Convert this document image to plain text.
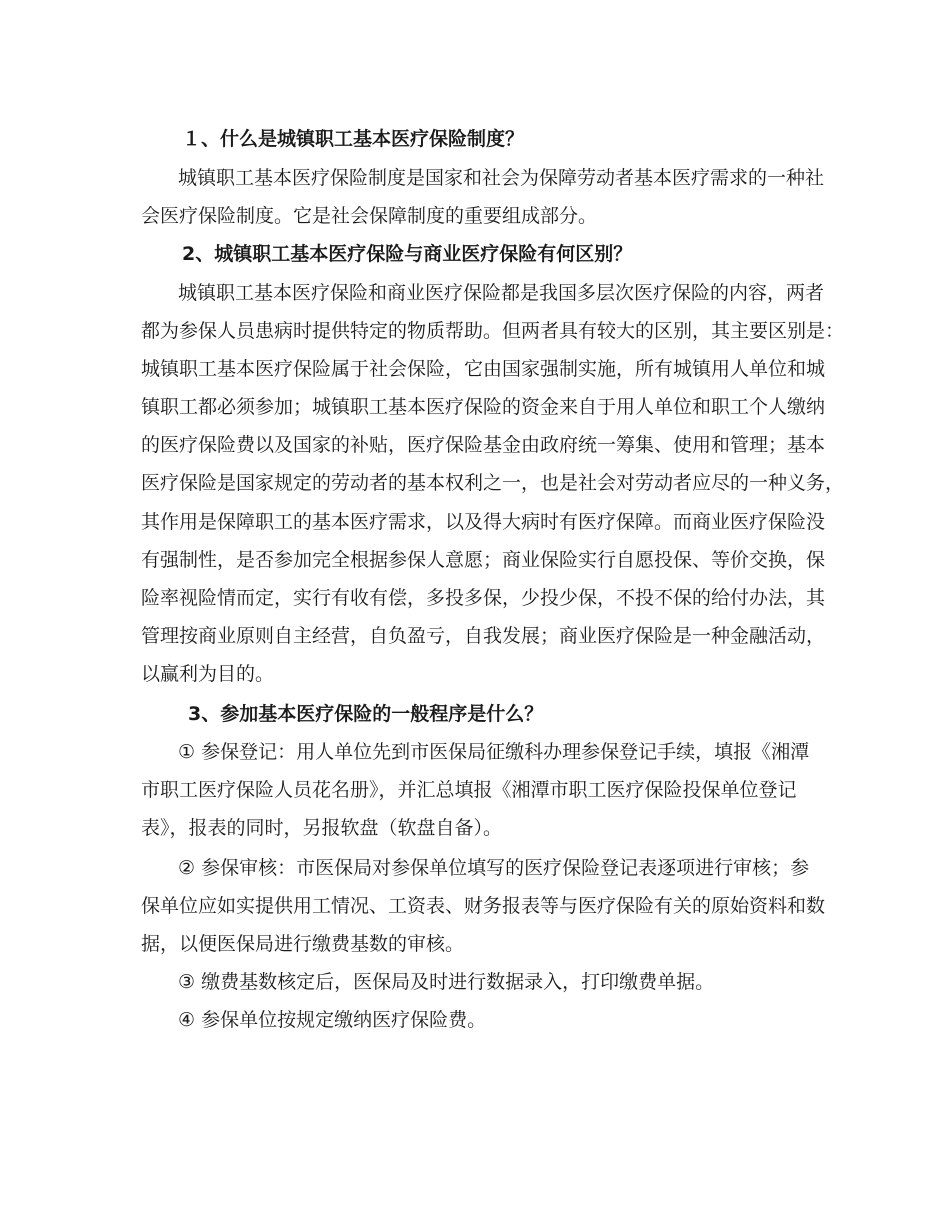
１、什么是城镇职工基本医疗保险制度？
城镇职工基本医疗保险制度是国家和社会为保障劳动者基本医疗需求的一种社
会医疗保险制度。它是社会保障制度的重要组成部分。
2、城镇职工基本医疗保险与商业医疗保险有何区别？
城镇职工基本医疗保险和商业医疗保险都是我国多层次医疗保险的内容，两者
都为参保人员患病时提供特定的物质帮助。但两者具有较大的区别，其主要区别是：
城镇职工基本医疗保险属于社会保险，它由国家强制实施，所有城镇用人单位和城
镇职工都必须参加；城镇职工基本医疗保险的资金来自于用人单位和职工个人缴纳
的医疗保险费以及国家的补贴，医疗保险基金由政府统一筹集、使用和管理；基本
医疗保险是国家规定的劳动者的基本权利之一，也是社会对劳动者应尽的一种义务，
其作用是保障职工的基本医疗需求，以及得大病时有医疗保障。而商业医疗保险没
有强制性，是否参加完全根据参保人意愿；商业保险实行自愿投保、等价交换，保
险率视险情而定，实行有收有偿，多投多保，少投少保，不投不保的给付办法，其
管理按商业原则自主经营，自负盈亏，自我发展；商业医疗保险是一种金融活动，
以赢利为目的。
3、参加基本医疗保险的一般程序是什么？
① 参保登记：用人单位先到市医保局征缴科办理参保登记手续，填报《湘潭
市职工医疗保险人员花名册》，并汇总填报《湘潭市职工医疗保险投保单位登记
表》，报表的同时，另报软盘（软盘自备）。
② 参保审核：市医保局对参保单位填写的医疗保险登记表逐项进行审核；参
保单位应如实提供用工情况、工资表、财务报表等与医疗保险有关的原始资料和数
据，以便医保局进行缴费基数的审核。
③ 缴费基数核定后，医保局及时进行数据录入，打印缴费单据。
④ 参保单位按规定缴纳医疗保险费。
